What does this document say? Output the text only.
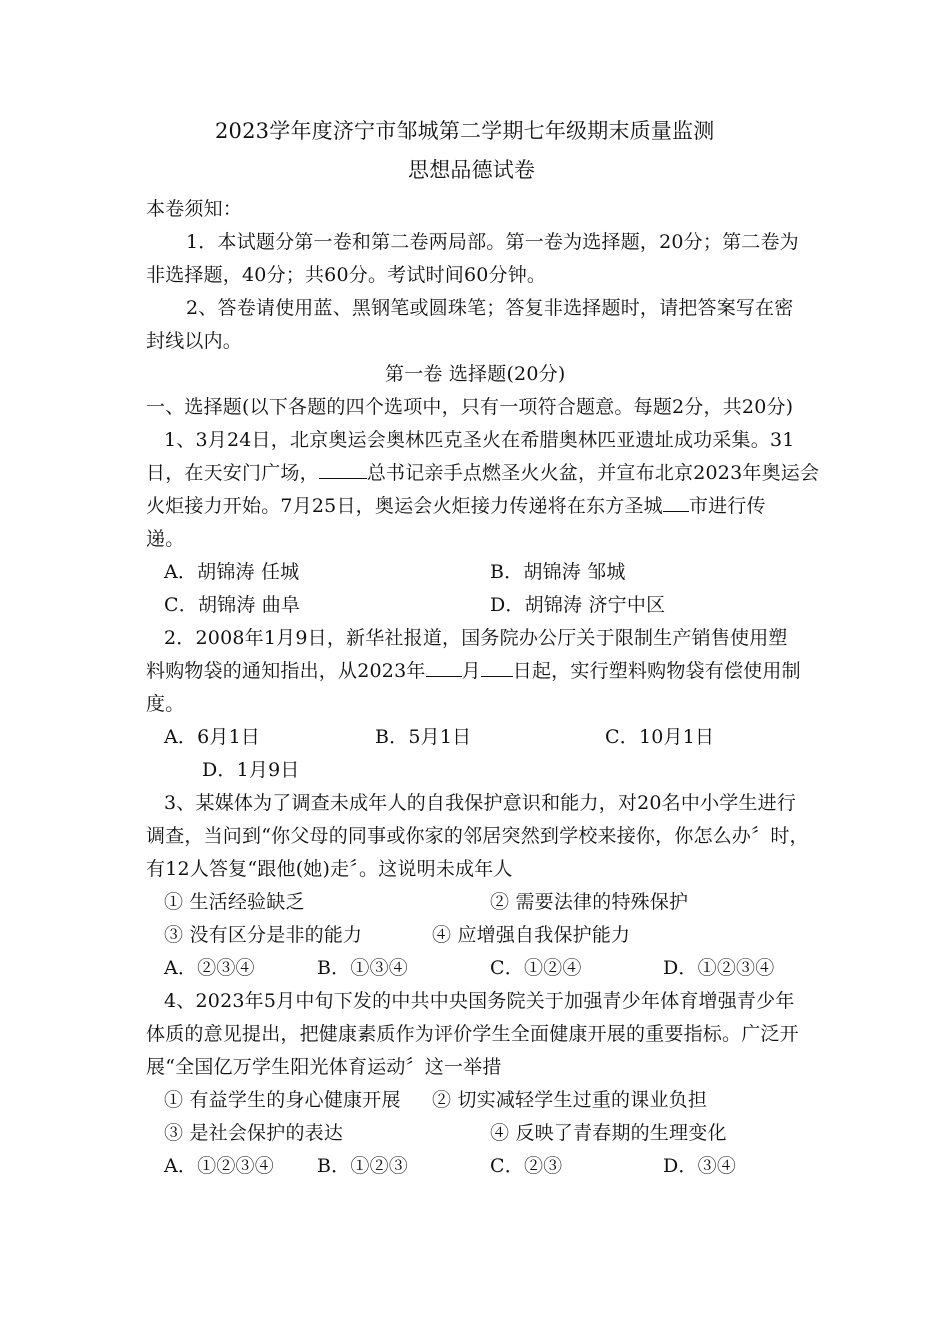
2023学年度济宁市邹城第二学期七年级期末质量监测
思想品德试卷
本卷须知：
1．本试题分第一卷和第二卷两局部。第一卷为选择题，20分；第二卷为
非选择题，40分；共60分。考试时间60分钟。
2、答卷请使用蓝、黑钢笔或圆珠笔；答复非选择题时，请把答案写在密
封线以内。
第一卷 选择题(20分)
一、选择题(以下各题的四个选项中，只有一项符合题意。每题2分，共20分)
1、3月24日，北京奥运会奥林匹克圣火在希腊奥林匹亚遗址成功采集。31
日，在天安门广场，	总书记亲手点燃圣火火盆，并宣布北京2023年奥运会
火炬接力开始。7月25日，奥运会火炬接力传递将在东方圣城 市进行传
递。
A．胡锦涛 任城	B．胡锦涛 邹城
C．胡锦涛 曲阜	D．胡锦涛 济宁中区
2．2008年1月9日，新华社报道，国务院办公厅关于限制生产销售使用塑
料购物袋的通知指出，从2023年 月 日起，实行塑料购物袋有偿使用制
度。
A．6月1日	B．5月1日	C．10月1日
D．1月9日
3、某媒体为了调查未成年人的自我保护意识和能力，对20名中小学生进行
调查，当问到“你父母的同事或你家的邻居突然到学校来接你，你怎么办〞时，
有12人答复“跟他(她)走〞。这说明未成年人
① 生活经验缺乏	② 需要法律的特殊保护
③ 没有区分是非的能力	④ 应增强自我保护能力
A．②③④	B．①③④	C．①②④	D．①②③④
4、2023年5月中旬下发的中共中央国务院关于加强青少年体育增强青少年
体质的意见提出，把健康素质作为评价学生全面健康开展的重要指标。广泛开
展“全国亿万学生阳光体育运动〞这一举措
① 有益学生的身心健康开展 ② 切实减轻学生过重的课业负担
③ 是社会保护的表达	④ 反映了青春期的生理变化
A．①②③④ B．①②③	C．②③	D．③④
